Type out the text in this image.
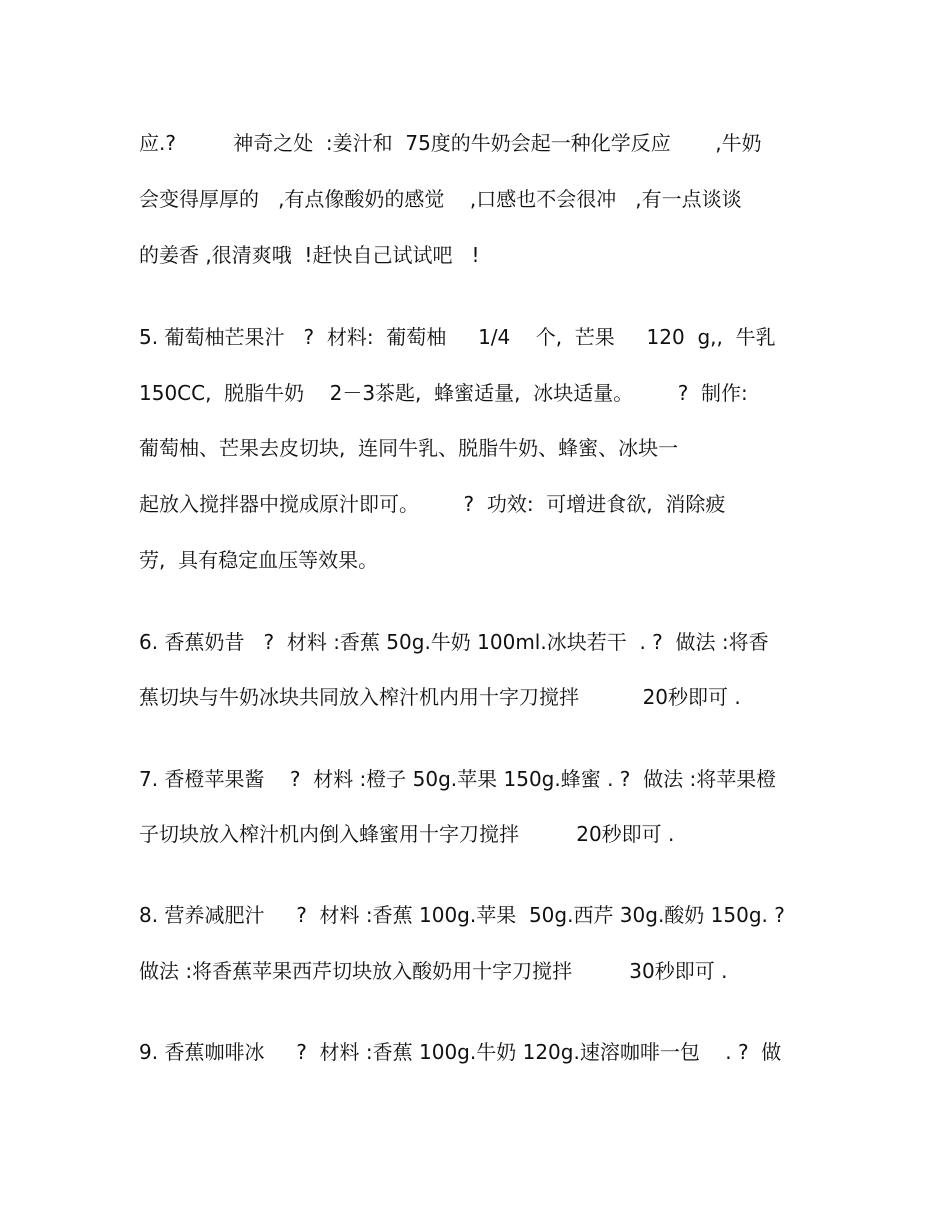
应.?         神奇之处  :姜汁和  75度的牛奶会起一种化学反应       ,牛奶

会变得厚厚的   ,有点像酸奶的感觉    ,口感也不会很冲   ,有一点谈谈

的姜香 ,很清爽哦  !赶快自己试试吧   !

5. 葡萄柚芒果汁   ?  材料:  葡萄柚     1/4    个,  芒果     120  g,,  牛乳

150CC,  脱脂牛奶    2－3茶匙,  蜂蜜适量,  冰块适量。       ?  制作:

葡萄柚、芒果去皮切块,  连同牛乳、脱脂牛奶、蜂蜜、冰块一

起放入搅拌器中搅成原汁即可。       ?  功效:  可增进食欲,  消除疲

劳,  具有稳定血压等效果。

6. 香蕉奶昔   ?  材料 :香蕉 50g.牛奶 100ml.冰块若干  . ?  做法 :将香

蕉切块与牛奶冰块共同放入榨汁机内用十字刀搅拌          20秒即可 .

7. 香橙苹果酱    ?  材料 :橙子 50g.苹果 150g.蜂蜜 . ?  做法 :将苹果橙

子切块放入榨汁机内倒入蜂蜜用十字刀搅拌         20秒即可 .

8. 营养减肥汁     ?  材料 :香蕉 100g.苹果  50g.西芹 30g.酸奶 150g. ?

做法 :将香蕉苹果西芹切块放入酸奶用十字刀搅拌         30秒即可 .

9. 香蕉咖啡冰     ?  材料 :香蕉 100g.牛奶 120g.速溶咖啡一包    . ?  做
